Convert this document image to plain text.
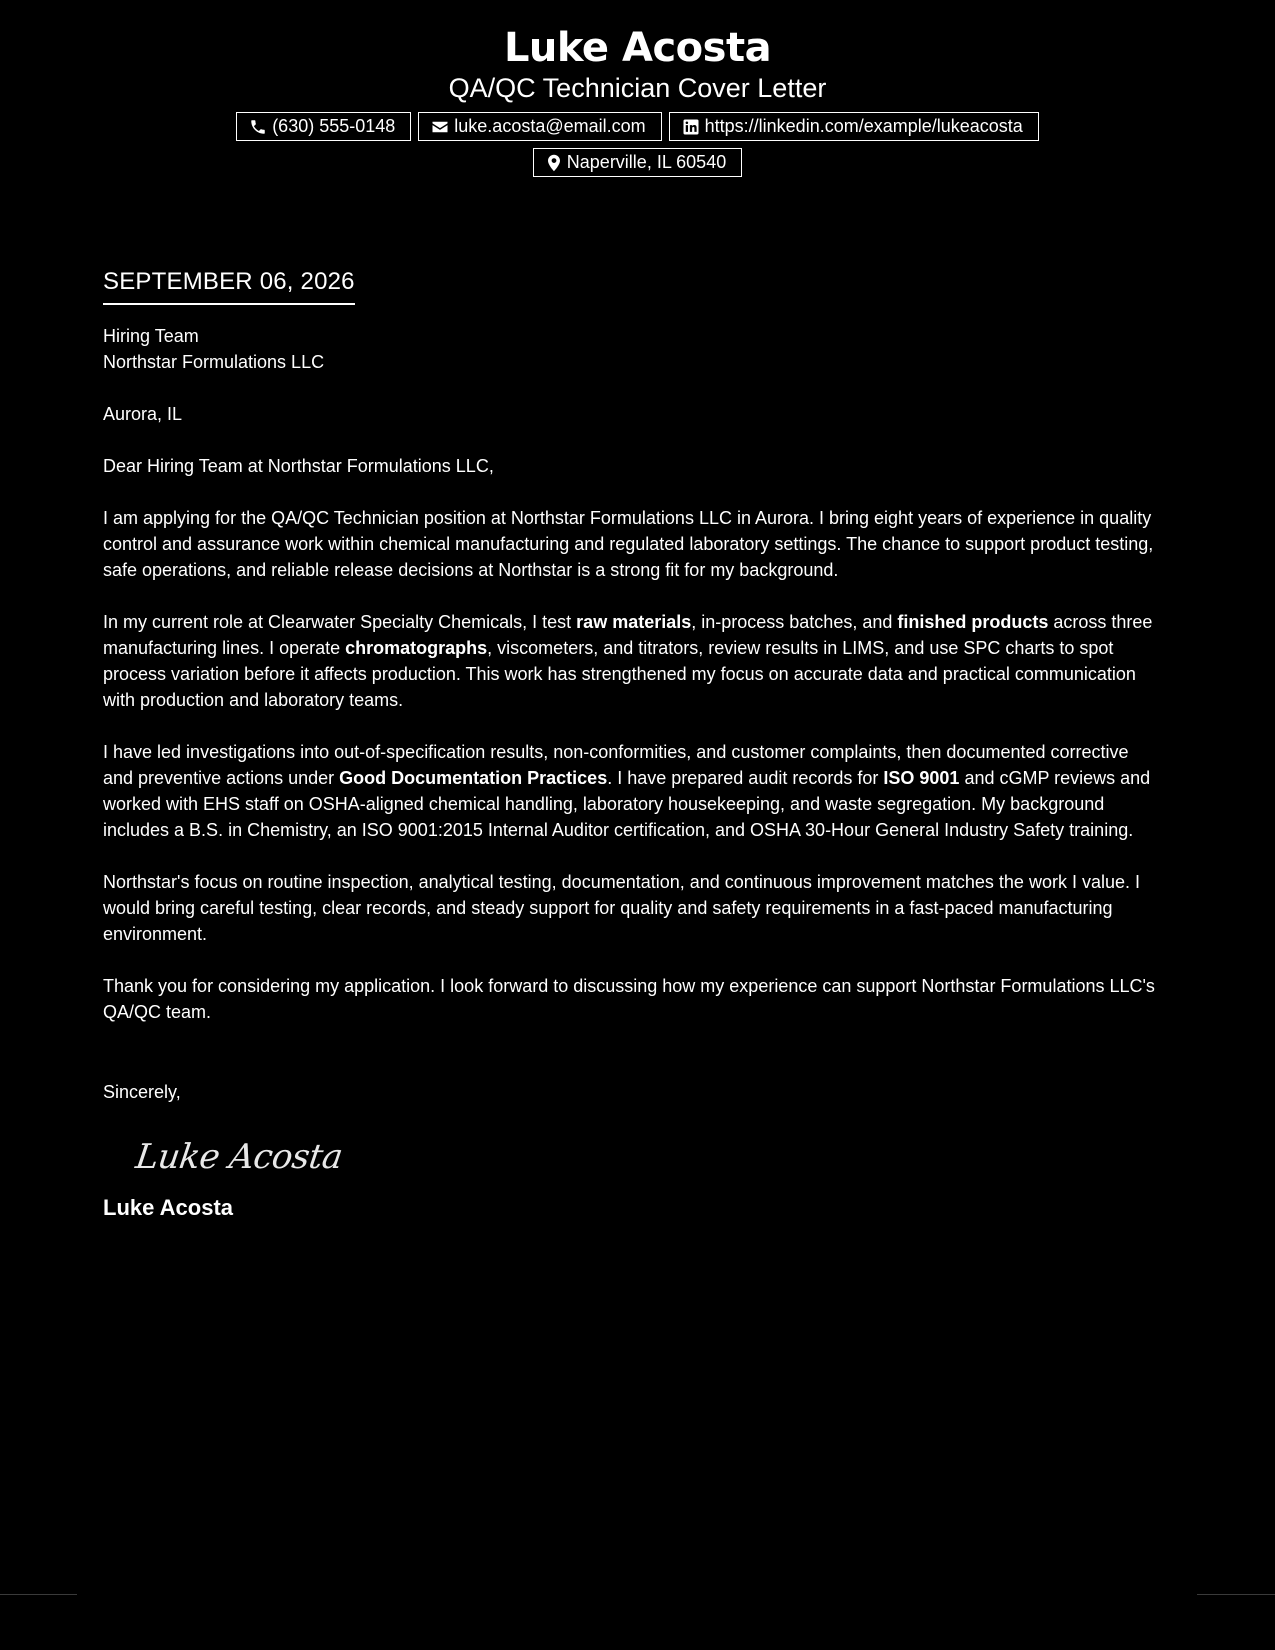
Luke Acosta
QA/QC Technician Cover Letter
(630) 555-0148	luke.acosta@email.com	https://linkedin.com/example/lukeacosta
Naperville, IL 60540
SEPTEMBER 06, 2026
Hiring Team
Northstar Formulations LLC
Aurora, IL
Dear Hiring Team at Northstar Formulations LLC,
I am applying for the QA/QC Technician position at Northstar Formulations LLC in Aurora. I bring eight years of experience in quality control and assurance work within chemical manufacturing and regulated laboratory settings. The chance to support product testing, safe operations, and reliable release decisions at Northstar is a strong fit for my background.
In my current role at Clearwater Specialty Chemicals, I test raw materials, in-process batches, and finished products across three manufacturing lines. I operate chromatographs, viscometers, and titrators, review results in LIMS, and use SPC charts to spot process variation before it affects production. This work has strengthened my focus on accurate data and practical communication with production and laboratory teams.
I have led investigations into out-of-specification results, non-conformities, and customer complaints, then documented corrective and preventive actions under Good Documentation Practices. I have prepared audit records for ISO 9001 and cGMP reviews and worked with EHS staff on OSHA-aligned chemical handling, laboratory housekeeping, and waste segregation. My background includes a B.S. in Chemistry, an ISO 9001:2015 Internal Auditor certification, and OSHA 30-Hour General Industry Safety training.
Northstar's focus on routine inspection, analytical testing, documentation, and continuous improvement matches the work I value. I would bring careful testing, clear records, and steady support for quality and safety requirements in a fast-paced manufacturing environment.
Thank you for considering my application. I look forward to discussing how my experience can support Northstar Formulations LLC's QA/QC team.
Sincerely,
Luke Acosta
Luke Acosta
